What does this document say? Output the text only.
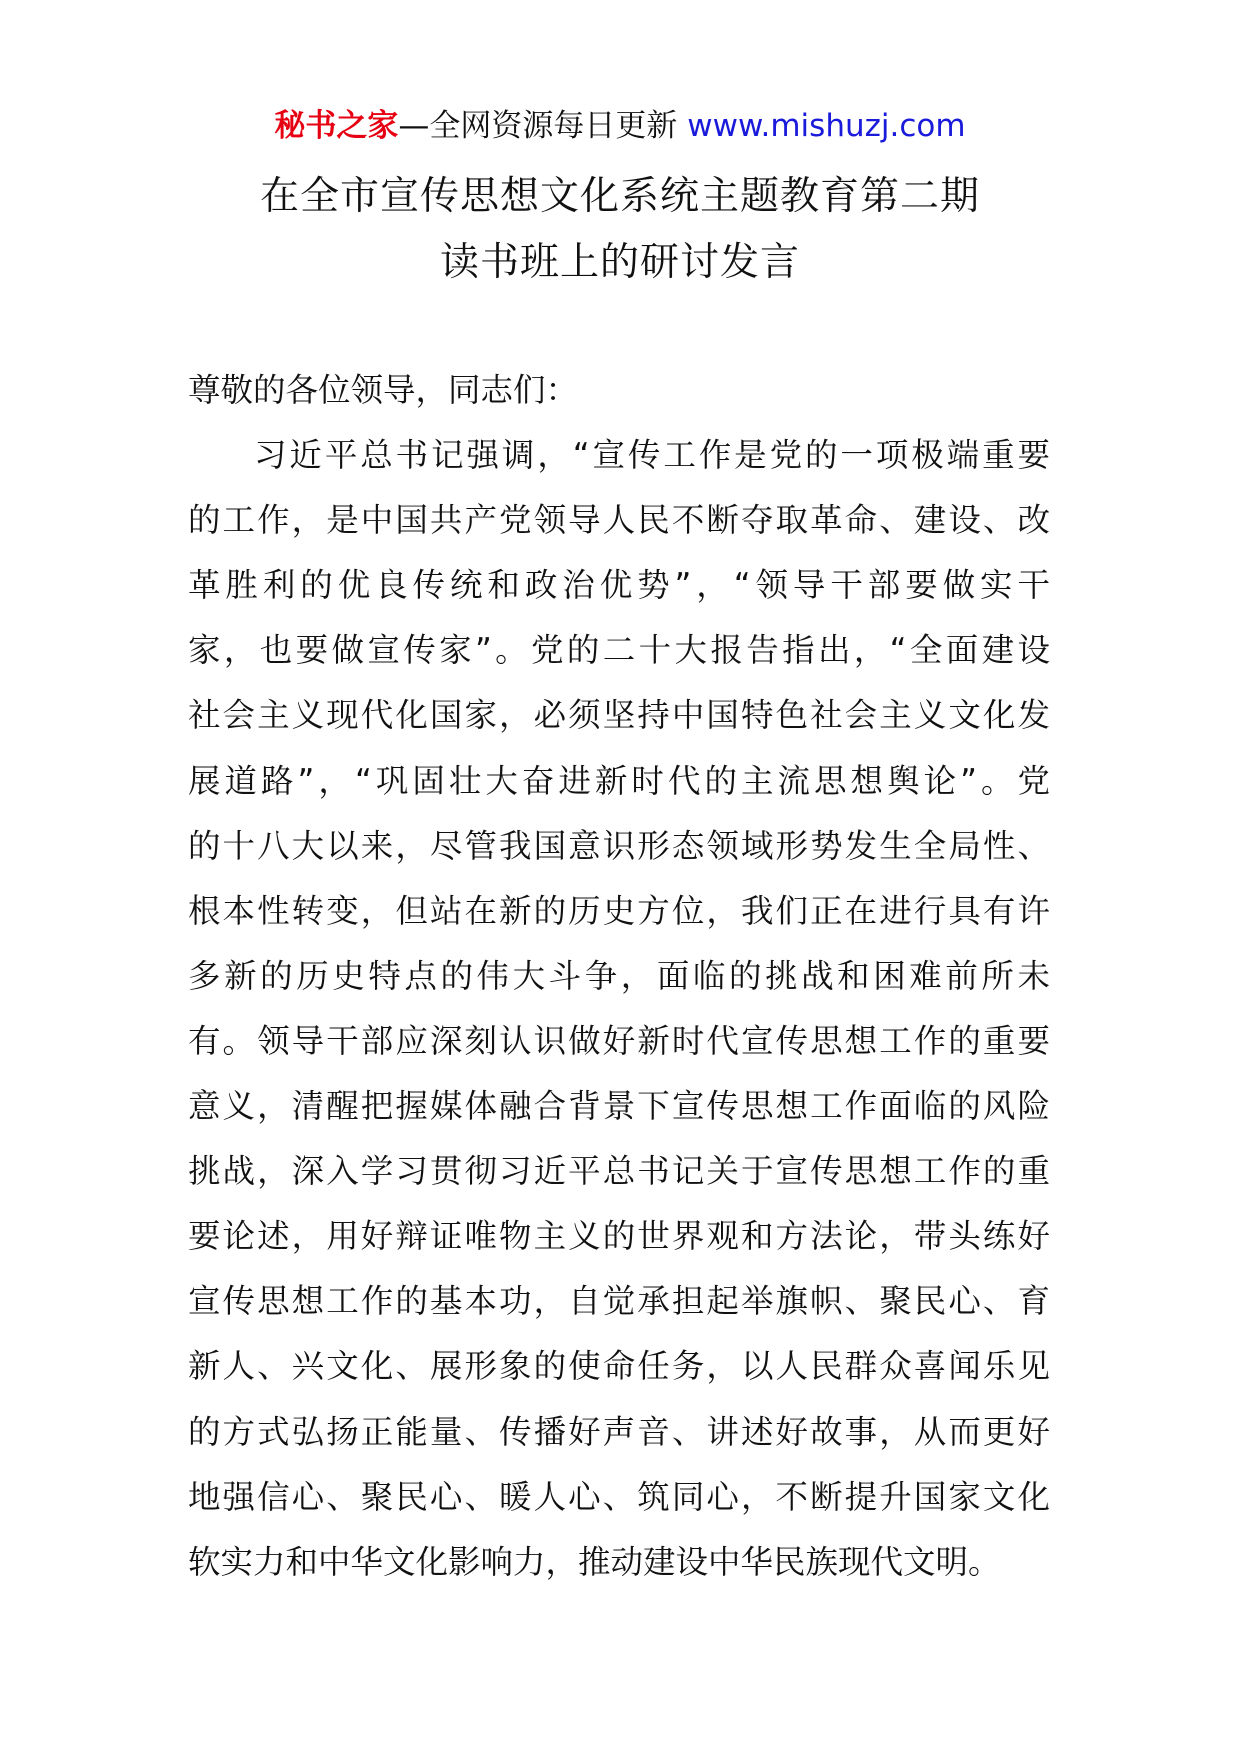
秘书之家—全网资源每日更新 www.mishuzj.com
在全市宣传思想文化系统主题教育第二期
读书班上的研讨发言

尊敬的各位领导，同志们：

习近平总书记强调，“宣传工作是党的一项极端重要
的工作，是中国共产党领导人民不断夺取革命、建设、改
革胜利的优良传统和政治优势”，“领导干部要做实干
家，也要做宣传家”。党的二十大报告指出，“全面建设
社会主义现代化国家，必须坚持中国特色社会主义文化发
展道路”，“巩固壮大奋进新时代的主流思想舆论”。党
的十八大以来，尽管我国意识形态领域形势发生全局性、
根本性转变，但站在新的历史方位，我们正在进行具有许
多新的历史特点的伟大斗争，面临的挑战和困难前所未
有。领导干部应深刻认识做好新时代宣传思想工作的重要
意义，清醒把握媒体融合背景下宣传思想工作面临的风险
挑战，深入学习贯彻习近平总书记关于宣传思想工作的重
要论述，用好辩证唯物主义的世界观和方法论，带头练好
宣传思想工作的基本功，自觉承担起举旗帜、聚民心、育
新人、兴文化、展形象的使命任务，以人民群众喜闻乐见
的方式弘扬正能量、传播好声音、讲述好故事，从而更好
地强信心、聚民心、暖人心、筑同心，不断提升国家文化
软实力和中华文化影响力，推动建设中华民族现代文明。
